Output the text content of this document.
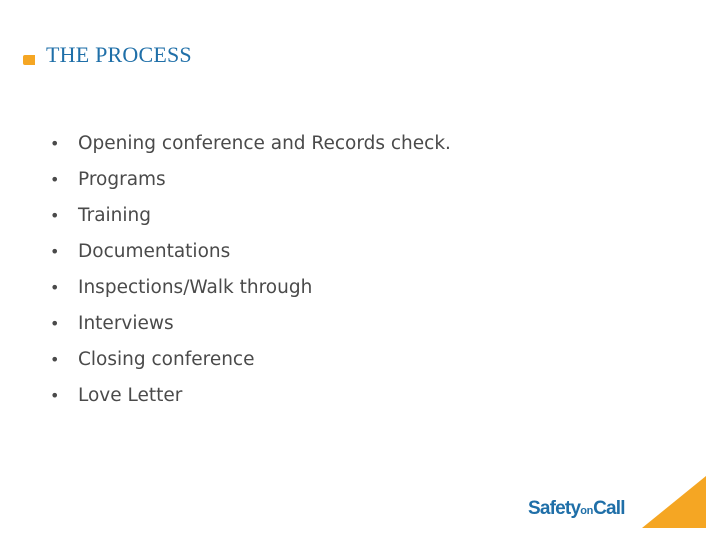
THE PROCESS
•	Opening conference and Records check.
•	Programs
•	Training
•	Documentations
•	Inspections/Walk through
•	Interviews
•	Closing conference
•	Love Letter
SafetyonCall
